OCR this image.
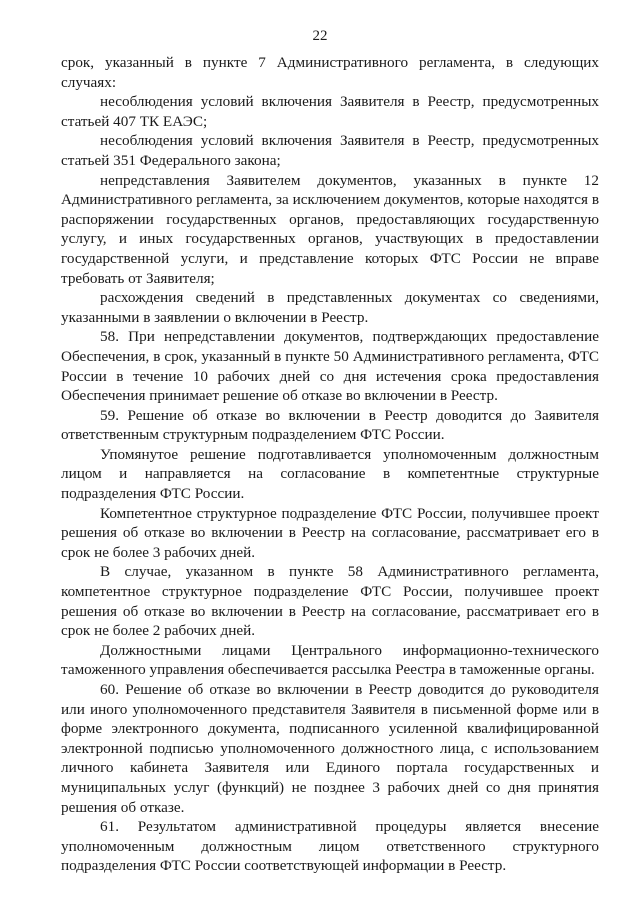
22

срок, указанный в пункте 7 Административного регламента, в следующих случаях:

несоблюдения условий включения Заявителя в Реестр, предусмотренных статьей 407 ТК ЕАЭС;

несоблюдения условий включения Заявителя в Реестр, предусмотренных статьей 351 Федерального закона;

непредставления Заявителем документов, указанных в пункте 12 Административного регламента, за исключением документов, которые находятся в распоряжении государственных органов, предоставляющих государственную услугу, и иных государственных органов, участвующих в предоставлении государственной услуги, и представление которых ФТС России не вправе требовать от Заявителя;

расхождения сведений в представленных документах со сведениями, указанными в заявлении о включении в Реестр.

58. При непредставлении документов, подтверждающих предоставление Обеспечения, в срок, указанный в пункте 50 Административного регламента, ФТС России в течение 10 рабочих дней со дня истечения срока предоставления Обеспечения принимает решение об отказе во включении в Реестр.

59. Решение об отказе во включении в Реестр доводится до Заявителя ответственным структурным подразделением ФТС России.

Упомянутое решение подготавливается уполномоченным должностным лицом и направляется на согласование в компетентные структурные подразделения ФТС России.

Компетентное структурное подразделение ФТС России, получившее проект решения об отказе во включении в Реестр на согласование, рассматривает его в срок не более 3 рабочих дней.

В случае, указанном в пункте 58 Административного регламента, компетентное структурное подразделение ФТС России, получившее проект решения об отказе во включении в Реестр на согласование, рассматривает его в срок не более 2 рабочих дней.

Должностными лицами Центрального информационно-технического таможенного управления обеспечивается рассылка Реестра в таможенные органы.

60. Решение об отказе во включении в Реестр доводится до руководителя или иного уполномоченного представителя Заявителя в письменной форме или в форме электронного документа, подписанного усиленной квалифицированной электронной подписью уполномоченного должностного лица, с использованием личного кабинета Заявителя или Единого портала государственных и муниципальных услуг (функций) не позднее 3 рабочих дней со дня принятия решения об отказе.

61. Результатом административной процедуры является внесение уполномоченным должностным лицом ответственного структурного подразделения ФТС России соответствующей информации в Реестр.
